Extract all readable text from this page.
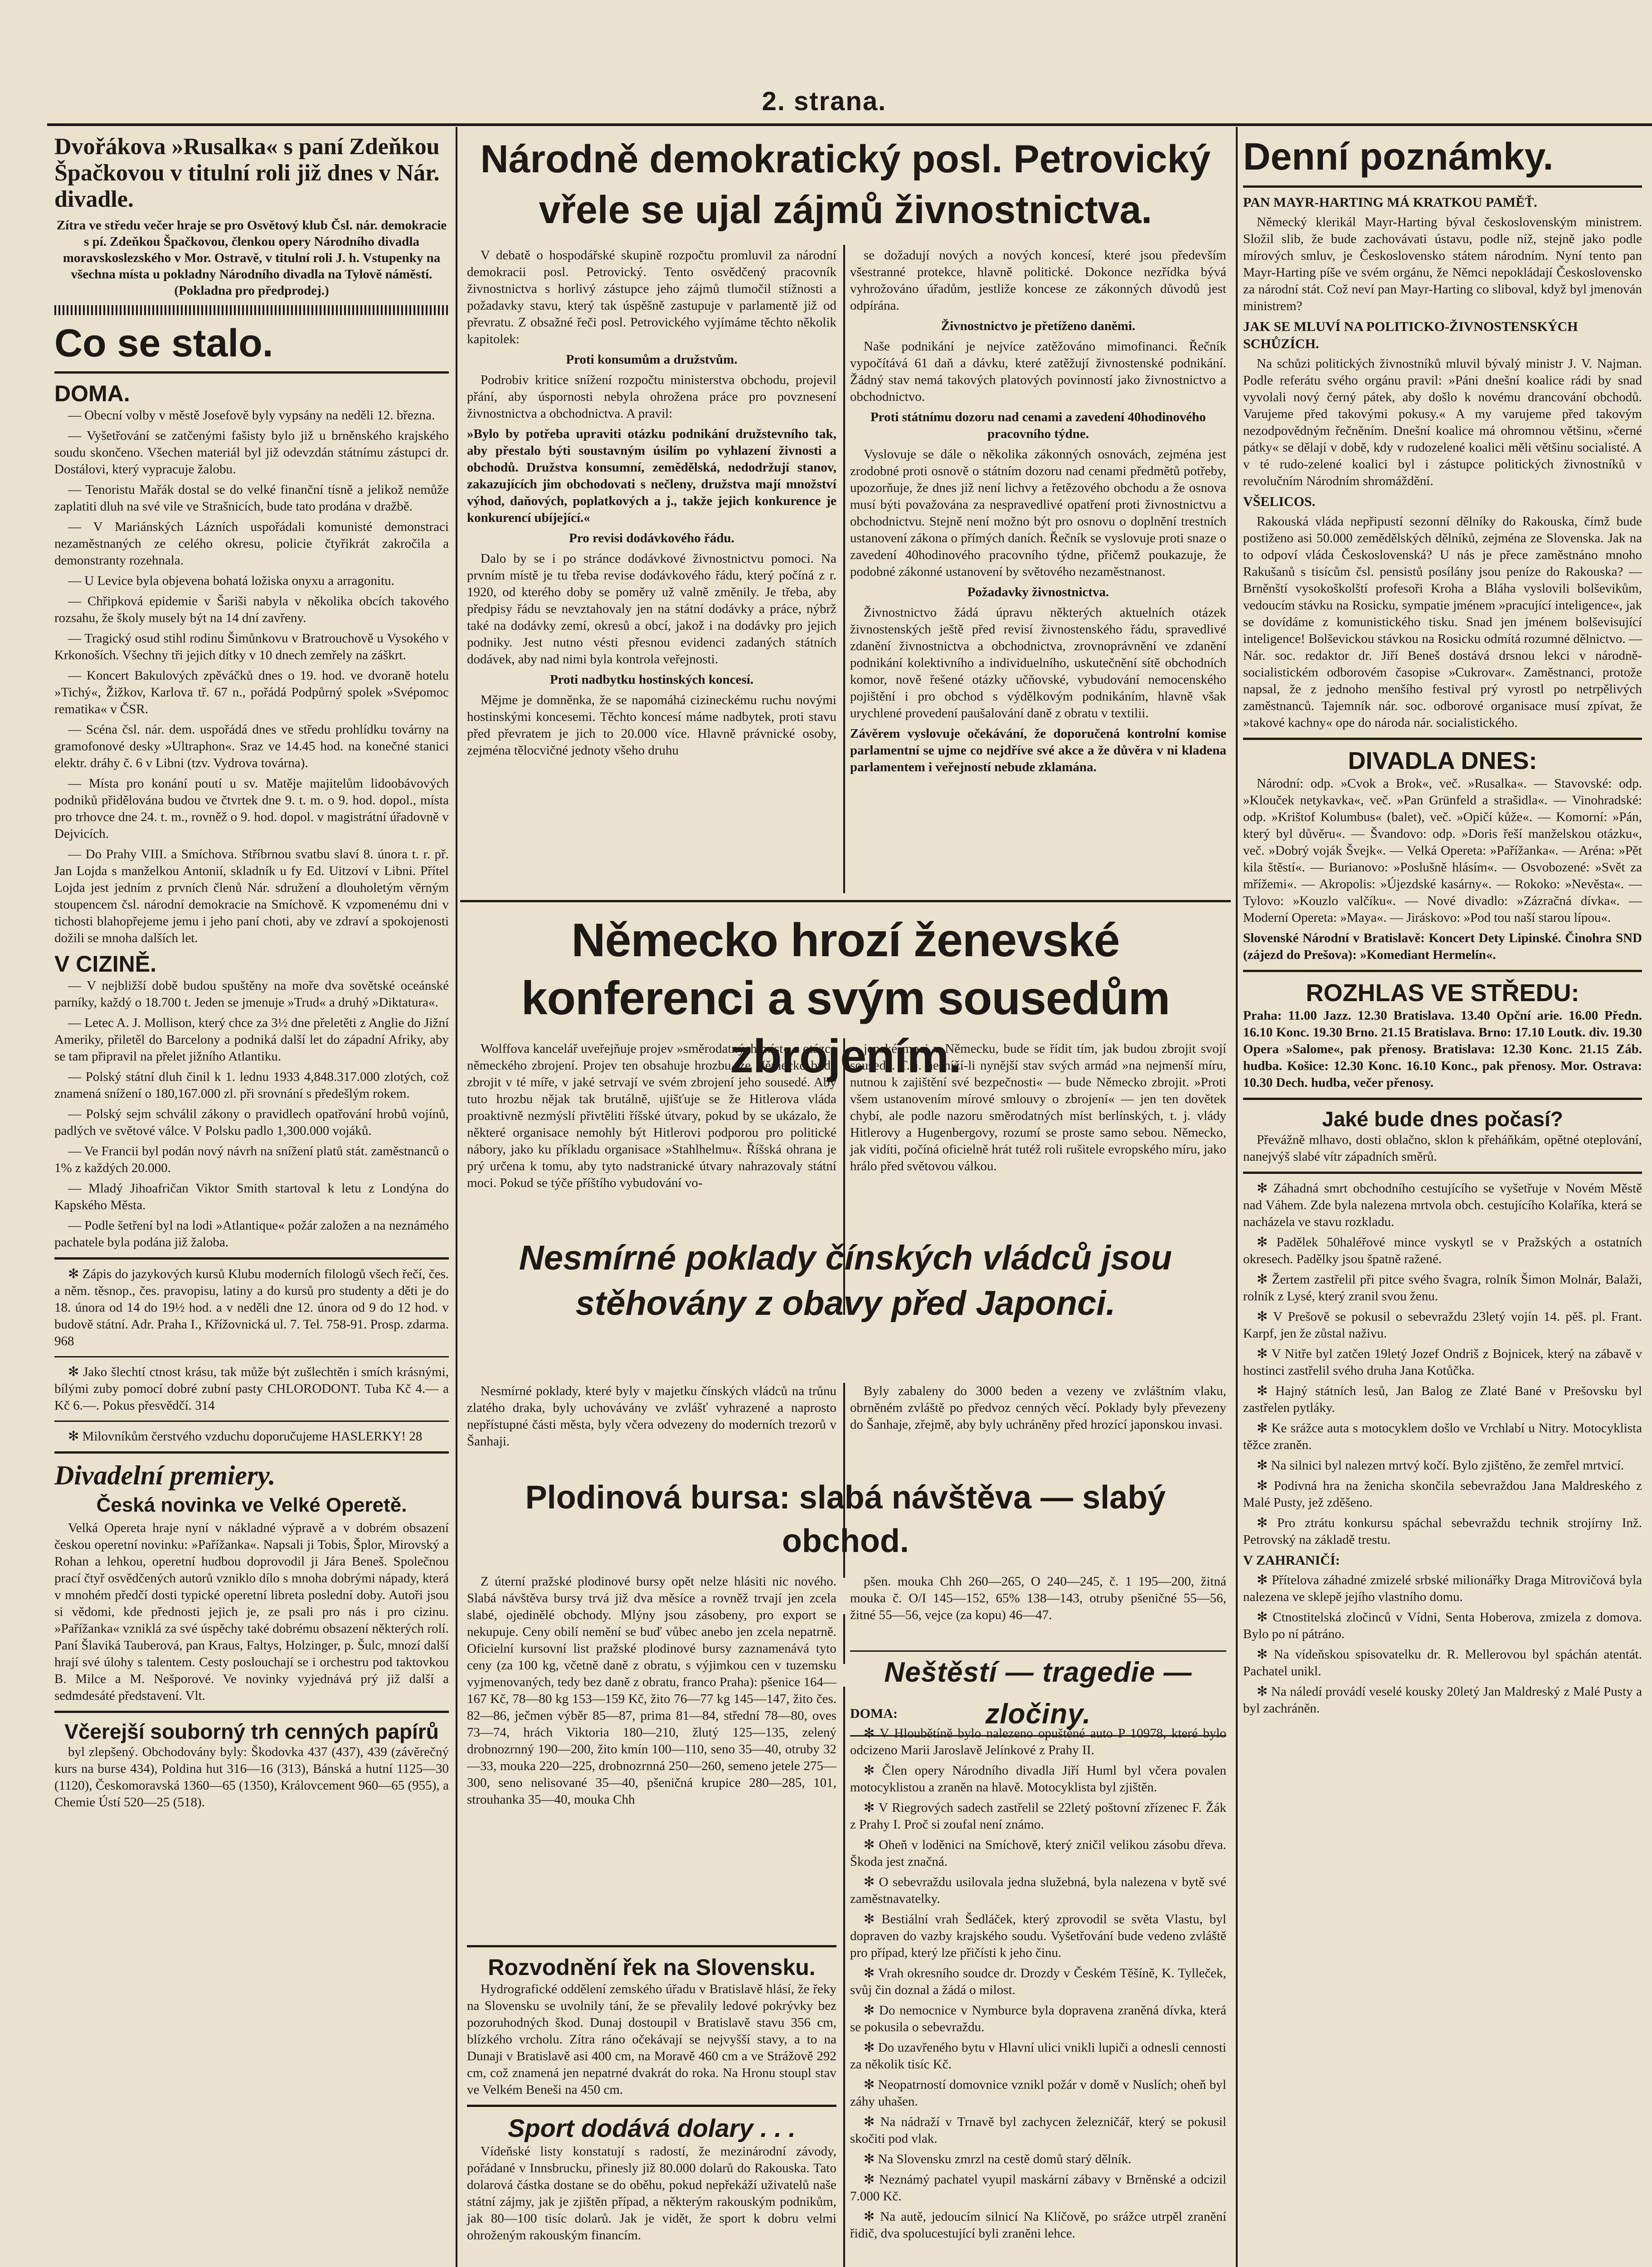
2. strana.
Dvořákova »Rusalka« s paní Zdeňkou Špačkovou v titulní roli již dnes v Nár. divadle.
Zítra ve středu večer hraje se pro Osvětový klub Čsl. nár. demokracie s pí. Zdeňkou Špačkovou, členkou opery Národního divadla moravskoslezského v Mor. Ostravě, v titulní roli J. h. Vstupenky na všechna místa u pokladny Národního divadla na Tylově náměstí. (Pokladna pro předprodej.)
Co se stalo.
DOMA.

— Obecní volby v městě Josefově byly vypsány na neděli 12. března.

— Vyšetřování se zatčenými fašisty bylo již u brněnského krajského soudu skončeno. Všechen materiál byl již odevzdán státnímu zástupci dr. Dostálovi, který vypracuje žalobu.

— Tenoristu Mařák dostal se do velké finanční tísně a jelikož nemůže zaplatiti dluh na své vile ve Strašnicích, bude tato prodána v dražbě.

— V Mariánských Lázních uspořádali komunisté demonstraci nezaměstnaných ze celého okresu, policie čtyřikrát zakročila a demonstranty rozehnala.

— U Levice byla objevena bohatá ložiska onyxu a arragonitu.

— Chřipková epidemie v Šariši nabyla v několika obcích takového rozsahu, že školy musely být na 14 dní zavřeny.

— Tragický osud stihl rodinu Šimůnkovu v Bratrouchově u Vysokého v Krkonoších. Všechny tři jejich dítky v 10 dnech zemřely na záškrt.

— Koncert Bakulových zpěváčků dnes o 19. hod. ve dvoraně hotelu »Tichý«, Žižkov, Karlova tř. 67 n., pořádá Podpůrný spolek »Svépomoc rematika« v ČSR.

— Scéna čsl. nár. dem. uspořádá dnes ve středu prohlídku továrny na gramofonové desky »Ultraphon«. Sraz ve 14.45 hod. na konečné stanici elektr. dráhy č. 6 v Libni (tzv. Vydrova továrna).

— Místa pro konání poutí u sv. Matěje majitelům lidoobávových podniků přidělována budou ve čtvrtek dne 9. t. m. o 9. hod. dopol., místa pro trhovce dne 24. t. m., rovněž o 9. hod. dopol. v magistrátní úřadovně v Dejvicích.

— Do Prahy VIII. a Smíchova. Stříbrnou svatbu slaví 8. února t. r. př. Jan Lojda s manželkou Antonií, skladník u fy Ed. Uitzoví v Libni. Přítel Lojda jest jedním z prvních členů Nár. sdružení a dlouholetým věrným stoupencem čsl. národní demokracie na Smíchově. K vzpomenému dni v tichosti blahopřejeme jemu i jeho paní choti, aby ve zdraví a spokojenosti dožili se mnoha dalších let.

V CIZINĚ.

— V nejbližší době budou spuštěny na moře dva sovětské oceánské parníky, každý o 18.700 t. Jeden se jmenuje »Trud« a druhý »Diktatura«.

— Letec A. J. Mollison, který chce za 3½ dne přeletěti z Anglie do Jižní Ameriky, přiletěl do Barcelony a podniká další let do západní Afriky, aby se tam připravil na přelet jižního Atlantiku.

— Polský státní dluh činil k 1. lednu 1933 4,848.317.000 zlotých, což znamená snížení o 180,167.000 zl. při srovnání s předešlým rokem.

— Polský sejm schválil zákony o pravidlech opatřování hrobů vojínů, padlých ve světové válce. V Polsku padlo 1,300.000 vojáků.

— Ve Francii byl podán nový návrh na snížení platů stát. zaměstnanců o 1% z každých 20.000.

— Mladý Jihoafričan Viktor Smith startoval k letu z Londýna do Kapského Města.

— Podle šetření byl na lodi »Atlantique« požár založen a na neznámého pachatele byla podána již žaloba.

✻ Zápis do jazykových kursů Klubu moderních filologů všech řečí, čes. a něm. těsnop., čes. pravopisu, latiny a do kursů pro studenty a děti je do 18. února od 14 do 19½ hod. a v neděli dne 12. února od 9 do 12 hod. v budově státní. Adr. Praha I., Křížovnická ul. 7. Tel. 758-91. Prosp. zdarma. 968

✻ Jako šlechtí ctnost krásu, tak může být zušlechtěn i smích krásnými, bílými zuby pomocí dobré zubní pasty CHLORODONT. Tuba Kč 4.— a Kč 6.—. Pokus přesvědčí. 314

✻ Milovníkům čerstvého vzduchu doporučujeme HASLERKY! 28

Divadelní premiery.
Česká novinka ve Velké Operetě.

Velká Opereta hraje nyní v nákladné výpravě a v dobrém obsazení českou operetní novinku: »Pařížanka«. Napsali ji Tobis, Šplor, Mirovský a Rohan a lehkou, operetní hudbou doprovodil ji Jára Beneš. Společnou prací čtyř osvědčených autorů vzniklo dílo s mnoha dobrými nápady, která v mnohém předčí dosti typické operetní libreta poslední doby. Autoři jsou si vědomi, kde přednosti jejich je, ze psali pro nás i pro cizinu. »Pařížanka« vzniklá za své úspěchy také dobrému obsazení některých rolí. Paní Šlaviká Tauberová, pan Kraus, Faltys, Holzinger, p. Šulc, mnozí další hrají své úlohy s talentem. Cesty poslouchají se i orchestru pod taktovkou B. Milce a M. Nešporové. Ve novinky vyjednává prý již další a sedmdesáté představení. Vlt.

Včerejší souborný trh cenných papírů

byl zlepšený. Obchodovány byly: Škodovka 437 (437), 439 (závěrečný kurs na burse 434), Poldina hut 316—16 (313), Bánská a hutní 1125—30 (1120), Českomoravská 1360—65 (1350), Královcement 960—65 (955), a Chemie Ústí 520—25 (518).

Národně demokratický posl. Petrovický vřele se ujal zájmů živnostnictva.

V debatě o hospodářské skupině rozpočtu promluvil za národní demokracii posl. Petrovický. Tento osvědčený pracovník živnostnictva s horlivý zástupce jeho zájmů tlumočil stížnosti a požadavky stavu, který tak úspěšně zastupuje v parlamentě již od převratu. Z obsažné řeči posl. Petrovického vyjímáme těchto několik kapitolek:

Proti konsumům a družstvům.

Podrobiv kritice snížení rozpočtu ministerstva obchodu, projevil přání, aby úspornosti nebyla ohrožena práce pro povznesení živnostnictva a obchodnictva. A pravil:

»Bylo by potřeba upraviti otázku podnikání družstevního tak, aby přestalo býti soustavným úsilím po vyhlazení živnosti a obchodů. Družstva konsumní, zemědělská, nedodržují stanov, zakazujících jim obchodovati s nečleny, družstva mají množství výhod, daňových, poplatkových a j., takže jejich konkurence je konkurencí ubíjející.«

Pro revisi dodávkového řádu.

Dalo by se i po stránce dodávkové živnostnictvu pomoci. Na prvním místě je tu třeba revise dodávkového řádu, který počíná z r. 1920, od kterého doby se poměry už valně změnily. Je třeba, aby předpisy řádu se nevztahovaly jen na státní dodávky a práce, nýbrž také na dodávky zemí, okresů a obcí, jakož i na dodávky pro jejich podniky. Jest nutno vésti přesnou evidenci zadaných státních dodávek, aby nad nimi byla kontrola veřejnosti.

Proti nadbytku hostinských koncesí.

Mějme je domněnka, že se napomáhá cizineckému ruchu novými hostinskými koncesemi. Těchto koncesí máme nadbytek, proti stavu před převratem je jich to 20.000 více. Hlavně právnické osoby, zejména tělocvičné jednoty všeho druhu

se dožadují nových a nových koncesí, které jsou především všestranné protekce, hlavně politické. Dokonce nezřídka bývá vyhrožováno úřadům, jestliže koncese ze zákonných důvodů jest odpírána.

Živnostnictvo je přetíženo daněmi.

Naše podnikání je nejvíce zatěžováno mimofinanci. Řečník vypočítává 61 daň a dávku, které zatěžují živnostenské podnikání. Žádný stav nemá takových platových povinností jako živnostnictvo a obchodnictvo.

Proti státnímu dozoru nad cenami a zavedení 40hodinového pracovního týdne.

Vyslovuje se dále o několika zákonných osnovách, zejména jest zrodobné proti osnově o státním dozoru nad cenami předmětů potřeby, upozorňuje, že dnes již není lichvy a řetězového obchodu a že osnova musí býti považována za nespravedlivé opatření proti živnostnictvu a obchodnictvu. Stejně není možno být pro osnovu o doplnění trestních ustanovení zákona o přímých daních. Řečník se vyslovuje proti snaze o zavedení 40hodinového pracovního týdne, přičemž poukazuje, že podobné zákonné ustanovení by světového nezaměstnanost.

Požadavky živnostnictva.

Živnostnictvo žádá úpravu některých aktuelních otázek živnostenských ještě před revisí živnostenského řádu, spravedlivé zdanění živnostnictva a obchodnictva, zrovnoprávnění ve zdanění podnikání kolektivního a individuelního, uskutečnění sítě obchodních komor, nově řešené otázky učňovské, vybudování nemocenského pojištění i pro obchod s výdělkovým podnikáním, hlavně však urychlené provedení paušalování daně z obratu v textilii.

Závěrem vyslovuje očekávání, že doporučená kontrolní komise parlamentní se ujme co nejdříve své akce a že důvěra v ni kladena parlamentem i veřejností nebude zklamána.

Německo hrozí ženevské konferenci a svým sousedům zbrojením.

Wolffova kancelář uveřejňuje projev »směrodatných míst« o otázce německého zbrojení. Projev ten obsahuje hrozbu, že Německo bude zbrojit v té míře, v jaké setrvají ve svém zbrojení jeho sousedé. Aby tuto hrozbu nějak tak brutálně, ujišťuje se že Hitlerova vláda proaktivně nezmýslí přivtěliti říšské útvary, pokud by se ukázalo, že některé organisace nemohly být Hitlerovi podporou pro politické nábory, jako ku příkladu organisace »Stahlhelmu«. Říšská ohrana je prý určena k tomu, aby tyto nadstranické útvary nahrazovaly státní moci. Pokud se týče příštího vybudování vo-

jenské moci v Německu, bude se řídit tím, jak budou zbrojit svojí sousedé. T. j. nesníží-li nynější stav svých armád »na nejmenší míru, nutnou k zajištění své bezpečnosti« — bude Německo zbrojit. »Proti všem ustanovením mírové smlouvy o zbrojení« — jen ten dovětek chybí, ale podle nazoru směrodatných míst berlínských, t. j. vlády Hitlerovy a Hugenbergovy, rozumí se proste samo sebou. Německo, jak vidíti, počíná oficielně hrát tutéž roli rušitele evropského míru, jako hrálo před světovou válkou.

Nesmírné poklady čínských vládců jsou stěhovány z obavy před Japonci.

Nesmírné poklady, které byly v majetku čínských vládců na trůnu zlatého draka, byly uchovávány ve zvlášť vyhrazené a naprosto nepřístupné části města, byly včera odvezeny do moderních trezorů v Šanhaji.

Byly zabaleny do 3000 beden a vezeny ve zvláštním vlaku, obrněném zvláště po předvoz cenných věcí. Poklady byly převezeny do Šanhaje, zřejmě, aby byly uchráněny před hrozící japonskou invasi.

Plodinová bursa: slabá návštěva — slabý obchod.

Z úterní pražské plodinové bursy opět nelze hlásiti nic nového. Slabá návštěva bursy trvá již dva měsíce a rovněž trvají jen zcela slabé, ojedinělé obchody. Mlýny jsou zásobeny, pro export se nekupuje. Ceny obilí nemění se buď vůbec anebo jen zcela nepatrně. Oficielní kursovní list pražské plodinové bursy zaznamenává tyto ceny (za 100 kg, včetně daně z obratu, s výjimkou cen v tuzemsku vyjmenovaných, tedy bez daně z obratu, franco Praha): pšenice 164—167 Kč, 78—80 kg 153—159 Kč, žito 76—77 kg 145—147, žito čes. 82—86, ječmen výběr 85—87, prima 81—84, střední 78—80, oves 73—74, hrách Viktoria 180—210, žlutý 125—135, zelený drobnozrnný 190—200, žito kmín 100—110, seno 35—40, otruby 32—33, mouka 220—225, drobnozrnná 250—260, semeno jetele 275—300, seno nelisované 35—40, pšeničná krupice 280—285, 101, strouhanka 35—40, mouka Chh

pšen. mouka Chh 260—265, O 240—245, č. 1 195—200, žitná mouka č. O/I 145—152, 65% 138—143, otruby pšeničné 55—56, žitné 55—56, vejce (za kopu) 46—47.

Neštěstí — tragedie — zločiny.
Rozvodnění řek na Slovensku.

Hydrografické oddělení zemského úřadu v Bratislavě hlásí, že řeky na Slovensku se uvolnily tání, že se převalily ledové pokrývky bez pozoruhodných škod. Dunaj dostoupil v Bratislavě stavu 356 cm, blízkého vrcholu. Zítra ráno očekávají se nejvyšší stavy, a to na Dunaji v Bratislavě asi 400 cm, na Moravě 460 cm a ve Strážově 292 cm, což znamená jen nepatrné dvakrát do roka. Na Hronu stoupl stav ve Velkém Beneši na 450 cm.

Sport dodává dolary . . .

Vídeňské listy konstatují s radostí, že mezinárodní závody, pořádané v Innsbrucku, přinesly již 80.000 dolarů do Rakouska. Tato dolarová částka dostane se do oběhu, pokud nepřekáží uživatelů naše státní zájmy, jak je zjištěn případ, a některým rakouským podnikům, jak 80—100 tisíc dolarů. Jak je vidět, že sport k dobru velmi ohroženým rakouským financím.

DOMA:

✻ V Hloubětíně bylo nalezeno opuštěné auto P 10978, které bylo odcizeno Marii Jaroslavě Jelínkové z Prahy II.

✻ Člen opery Národního divadla Jiří Huml byl včera povalen motocyklistou a zraněn na hlavě. Motocyklista byl zjištěn.

✻ V Riegrových sadech zastřelil se 22letý poštovní zřízenec F. Žák z Prahy I. Proč si zoufal není známo.

✻ Oheň v loděnici na Smíchově, který zničil velikou zásobu dřeva. Škoda jest značná.

✻ O sebevraždu usilovala jedna služebná, byla nalezena v bytě své zaměstnavatelky.

✻ Bestiální vrah Šedláček, který zprovodil se světa Vlastu, byl dopraven do vazby krajského soudu. Vyšetřování bude vedeno zvláště pro případ, který lze přičísti k jeho činu.

✻ Vrah okresního soudce dr. Drozdy v Českém Těšíně, K. Tylleček, svůj čin doznal a žádá o milost.

✻ Do nemocnice v Nymburce byla dopravena zraněná dívka, která se pokusila o sebevraždu.

✻ Do uzavřeného bytu v Hlavní ulici vnikli lupiči a odnesli cennosti za několik tisíc Kč.

✻ Neopatrností domovnice vznikl požár v domě v Nuslích; oheň byl záhy uhašen.

✻ Na nádraží v Trnavě byl zachycen železničář, který se pokusil skočiti pod vlak.

✻ Na Slovensku zmrzl na cestě domů starý dělník.

✻ Neznámý pachatel vyupil maskární zábavy v Brněnské a odcizil 7.000 Kč.

✻ Na autě, jedoucím silnicí Na Klíčově, po srážce utrpěl zranění řidič, dva spolucestující byli zraněni lehce.

Denní poznámky.
PAN MAYR-HARTING MÁ KRATKOU PAMĚŤ.

Německý klerikál Mayr-Harting býval československým ministrem. Složil slib, že bude zachovávati ústavu, podle níž, stejně jako podle mírových smluv, je Československo státem národním. Nyní tento pan Mayr-Harting píše ve svém orgánu, že Němci nepokládají Československo za národní stát. Což neví pan Mayr-Harting co sliboval, když byl jmenován ministrem?

JAK SE MLUVÍ NA POLITICKO-ŽIVNOSTENSKÝCH SCHŮZÍCH.

Na schůzi politických živnostníků mluvil bývalý ministr J. V. Najman. Podle referátu svého orgánu pravil: »Páni dnešní koalice rádi by snad vyvolali nový černý pátek, aby došlo k novému drancování obchodů. Varujeme před takovými pokusy.« A my varujeme před takovým nezodpovědným řečněním. Dnešní koalice má ohromnou většinu, »černé pátky« se dělají v době, kdy v rudozelené koalici měli většinu socialisté. A v té rudo-zelené koalici byl i zástupce politických živnostníků v revolučním Národním shromáždění.

VŠELICOS.

Rakouská vláda nepřipustí sezonní dělníky do Rakouska, čímž bude postiženo asi 50.000 zemědělských dělníků, zejména ze Slovenska. Jak na to odpoví vláda Československá? U nás je přece zaměstnáno mnoho Rakušanů s tisícům čsl. pensistů posílány jsou peníze do Rakouska? — Brněnští vysokoškolští profesoři Kroha a Bláha vyslovili bolševikům, vedoucím stávku na Rosicku, sympatie jménem »pracující inteligence«, jak se dovídáme z komunistického tisku. Snad jen jménem bolševisující inteligence! Bolševickou stávkou na Rosicku odmítá rozumné dělnictvo. — Nár. soc. redaktor dr. Jiří Beneš dostává drsnou lekci v národně-socialistickém odborovém časopise »Cukrovar«. Zaměstnanci, protože napsal, že z jednoho menšího festival prý vyrostl po netrpělivých zaměstnanců. Tajemník nár. soc. odborové organisace musí zpívat, že »takové kachny« ope do národa nár. socialistického.

DIVADLA DNES:

Národní: odp. »Cvok a Brok«, več. »Rusalka«. — Stavovské: odp. »Klouček netykavka«, več. »Pan Grünfeld a strašidla«. — Vinohradské: odp. »Krištof Kolumbus« (balet), več. »Opičí kůže«. — Komorní: »Pán, který byl důvěru«. — Švandovo: odp. »Doris řeší manželskou otázku«, več. »Dobrý voják Švejk«. — Velká Opereta: »Pařížanka«. — Aréna: »Pět kila štěstí«. — Burianovo: »Poslušně hlásím«. — Osvobozené: »Svět za mřížemi«. — Akropolis: »Újezdské kasárny«. — Rokoko: »Nevěsta«. — Tylovo: »Kouzlo valčíku«. — Nové divadlo: »Zázračná dívka«. — Moderní Opereta: »Maya«. — Jiráskovo: »Pod tou naší starou lípou«.

Slovenské Národní v Bratislavě: Koncert Dety Lipinské. Činohra SND (zájezd do Prešova): »Komediant Hermelín«.

ROZHLAS VE STŘEDU:

Praha: 11.00 Jazz. 12.30 Bratislava. 13.40 Opční arie. 16.00 Předn. 16.10 Konc. 19.30 Brno. 21.15 Bratislava. Brno: 17.10 Loutk. div. 19.30 Opera »Salome«, pak přenosy. Bratislava: 12.30 Konc. 21.15 Záb. hudba. Košice: 12.30 Konc. 16.10 Konc., pak přenosy. Mor. Ostrava: 10.30 Dech. hudba, večer přenosy.

Jaké bude dnes počasí?

Převážně mlhavo, dosti oblačno, sklon k přeháňkám, opětné oteplování, nanejvýš slabé vítr západních směrů.

✻ Záhadná smrt obchodního cestujícího se vyšetřuje v Novém Městě nad Váhem. Zde byla nalezena mrtvola obch. cestujícího Kolaříka, která se nacházela ve stavu rozkladu.

✻ Padělek 50haléřové mince vyskytl se v Pražských a ostatních okresech. Padělky jsou špatně ražené.

✻ Žertem zastřelil při pitce svého švagra, rolník Šimon Molnár, Balaži, rolník z Lysé, který zranil svou ženu.

✻ V Prešově se pokusil o sebevraždu 23letý vojín 14. pěš. pl. Frant. Karpf, jen že zůstal naživu.

✻ V Nitře byl zatčen 19letý Jozef Ondriš z Bojnicek, který na zábavě v hostinci zastřelil svého druha Jana Kotůčka.

✻ Hajný státních lesů, Jan Balog ze Zlaté Bané v Prešovsku byl zastřelen pytláky.

✻ Ke srážce auta s motocyklem došlo ve Vrchlabí u Nitry. Motocyklista těžce zraněn.

✻ Na silnici byl nalezen mrtvý kočí. Bylo zjištěno, že zemřel mrtvicí.

✻ Podivná hra na ženicha skončila sebevraždou Jana Maldreského z Malé Pusty, jež zděšeno.

✻ Pro ztrátu konkursu spáchal sebevraždu technik strojírny Inž. Petrovský na základě trestu.

V ZAHRANIČÍ:

✻ Přítelova záhadné zmizelé srbské milionářky Draga Mitrovičová byla nalezena ve sklepě jejího vlastního domu.

✻ Ctnostitelská zločinců v Vídni, Senta Hoberova, zmizela z domova. Bylo po ní pátráno.

✻ Na vídeňskou spisovatelku dr. R. Mellerovou byl spáchán atentát. Pachatel unikl.

✻ Na náledí provádí veselé kousky 20letý Jan Maldreský z Malé Pusty a byl zachráněn.
